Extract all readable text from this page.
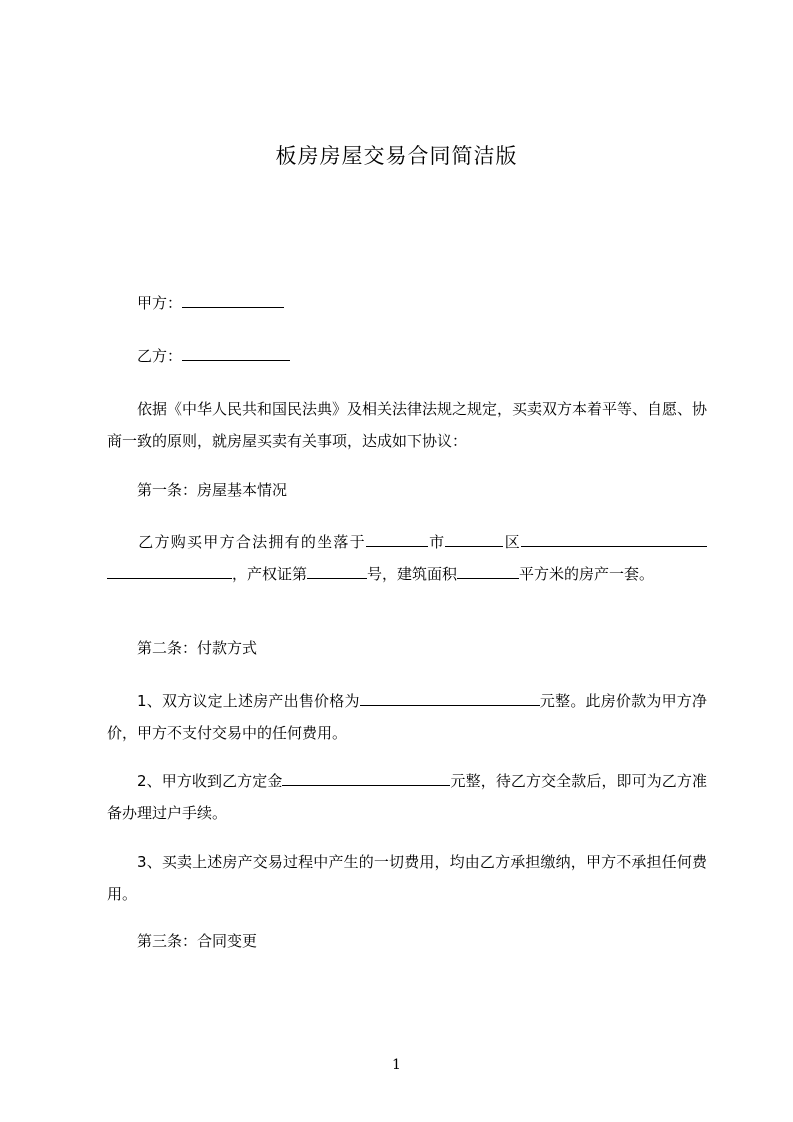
板房房屋交易合同简洁版
甲方：
乙方：
依据《中华人民共和国民法典》及相关法律法规之规定，买卖双方本着平等、自愿、协商一致的原则，就房屋买卖有关事项，达成如下协议：
第一条：房屋基本情况
乙方购买甲方合法拥有的坐落于	市	区，产权证第	号，建筑面积	平方米的房产一套。
第二条：付款方式
1、双方议定上述房产出售价格为	元整。此房价款为甲方净价，甲方不支付交易中的任何费用。
2、甲方收到乙方定金	元整，待乙方交全款后，即可为乙方准备办理过户手续。
3、买卖上述房产交易过程中产生的一切费用，均由乙方承担缴纳，甲方不承担任何费用。
第三条：合同变更
1
